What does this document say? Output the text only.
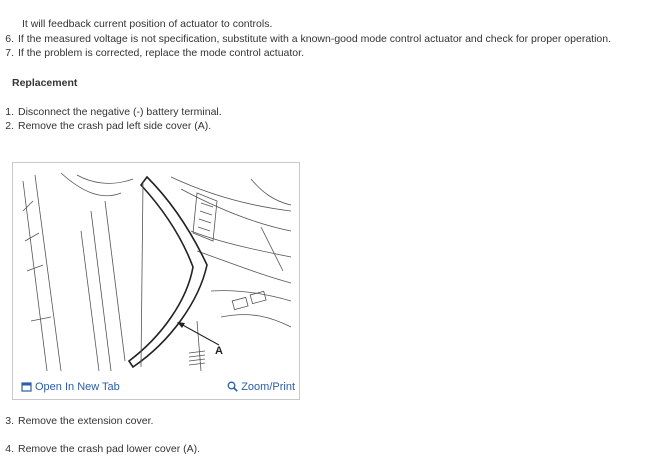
It will feedback current position of actuator to controls.
6. If the measured voltage is not specification, substitute with a known-good mode control actuator and check for proper operation.
7. If the problem is corrected, replace the mode control actuator.
Replacement
1. Disconnect the negative (-) battery terminal.
2. Remove the crash pad left side cover (A).
A
Open In New Tab	Zoom/Print
3. Remove the extension cover.
4. Remove the crash pad lower cover (A).
